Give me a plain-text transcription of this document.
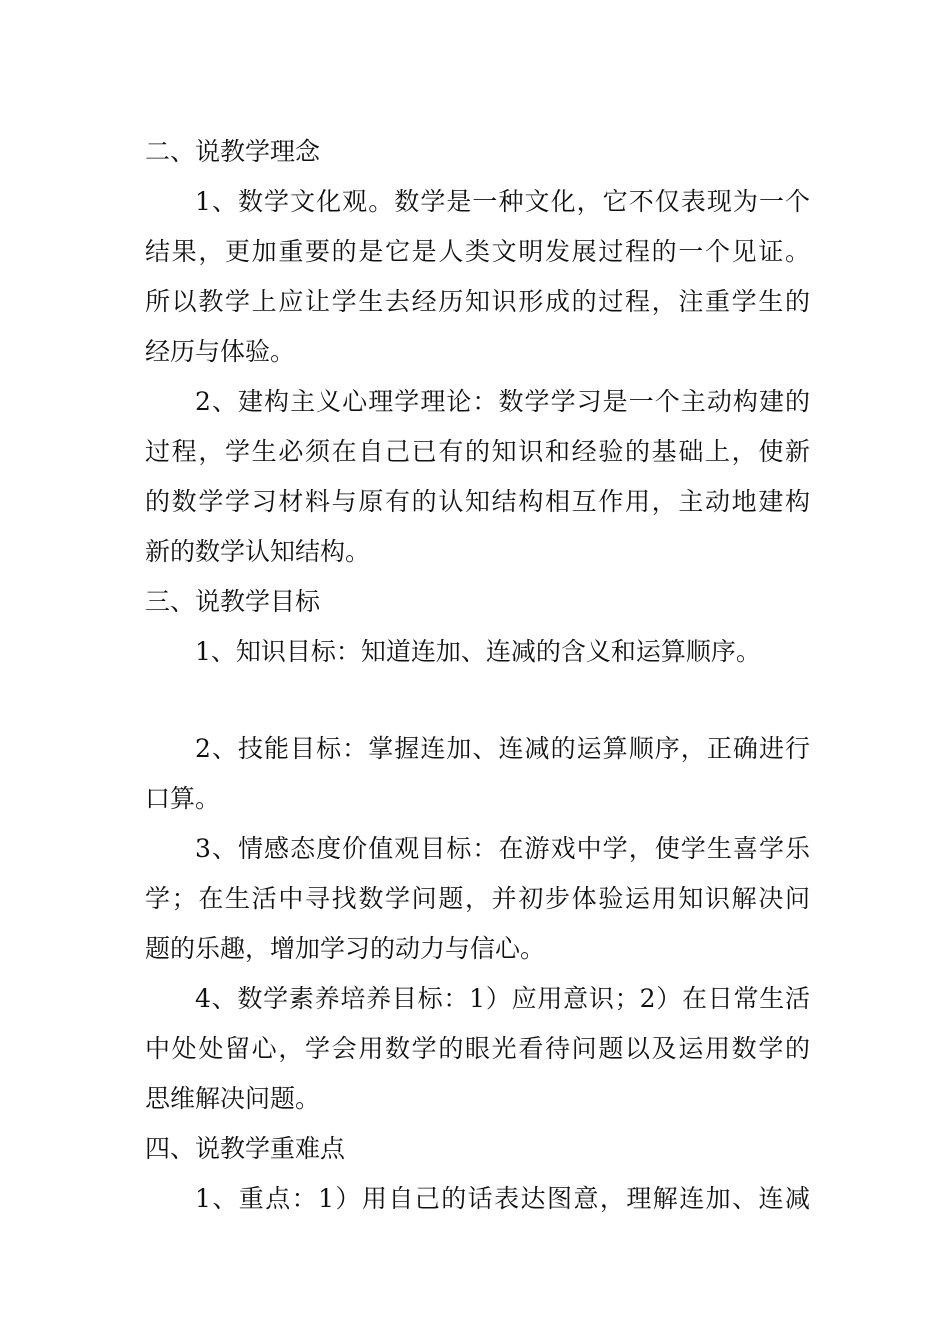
二、说教学理念
1、数学文化观。数学是一种文化，它不仅表现为一个
结果，更加重要的是它是人类文明发展过程的一个见证。
所以教学上应让学生去经历知识形成的过程，注重学生的
经历与体验。
2、建构主义心理学理论：数学学习是一个主动构建的
过程，学生必须在自己已有的知识和经验的基础上，使新
的数学学习材料与原有的认知结构相互作用，主动地建构
新的数学认知结构。
三、说教学目标
1、知识目标：知道连加、连减的含义和运算顺序。
2、技能目标：掌握连加、连减的运算顺序，正确进行
口算。
3、情感态度价值观目标：在游戏中学，使学生喜学乐
学；在生活中寻找数学问题，并初步体验运用知识解决问
题的乐趣，增加学习的动力与信心。
4、数学素养培养目标：1）应用意识；2）在日常生活
中处处留心，学会用数学的眼光看待问题以及运用数学的
思维解决问题。
四、说教学重难点
1、重点：1）用自己的话表达图意，理解连加、连减
